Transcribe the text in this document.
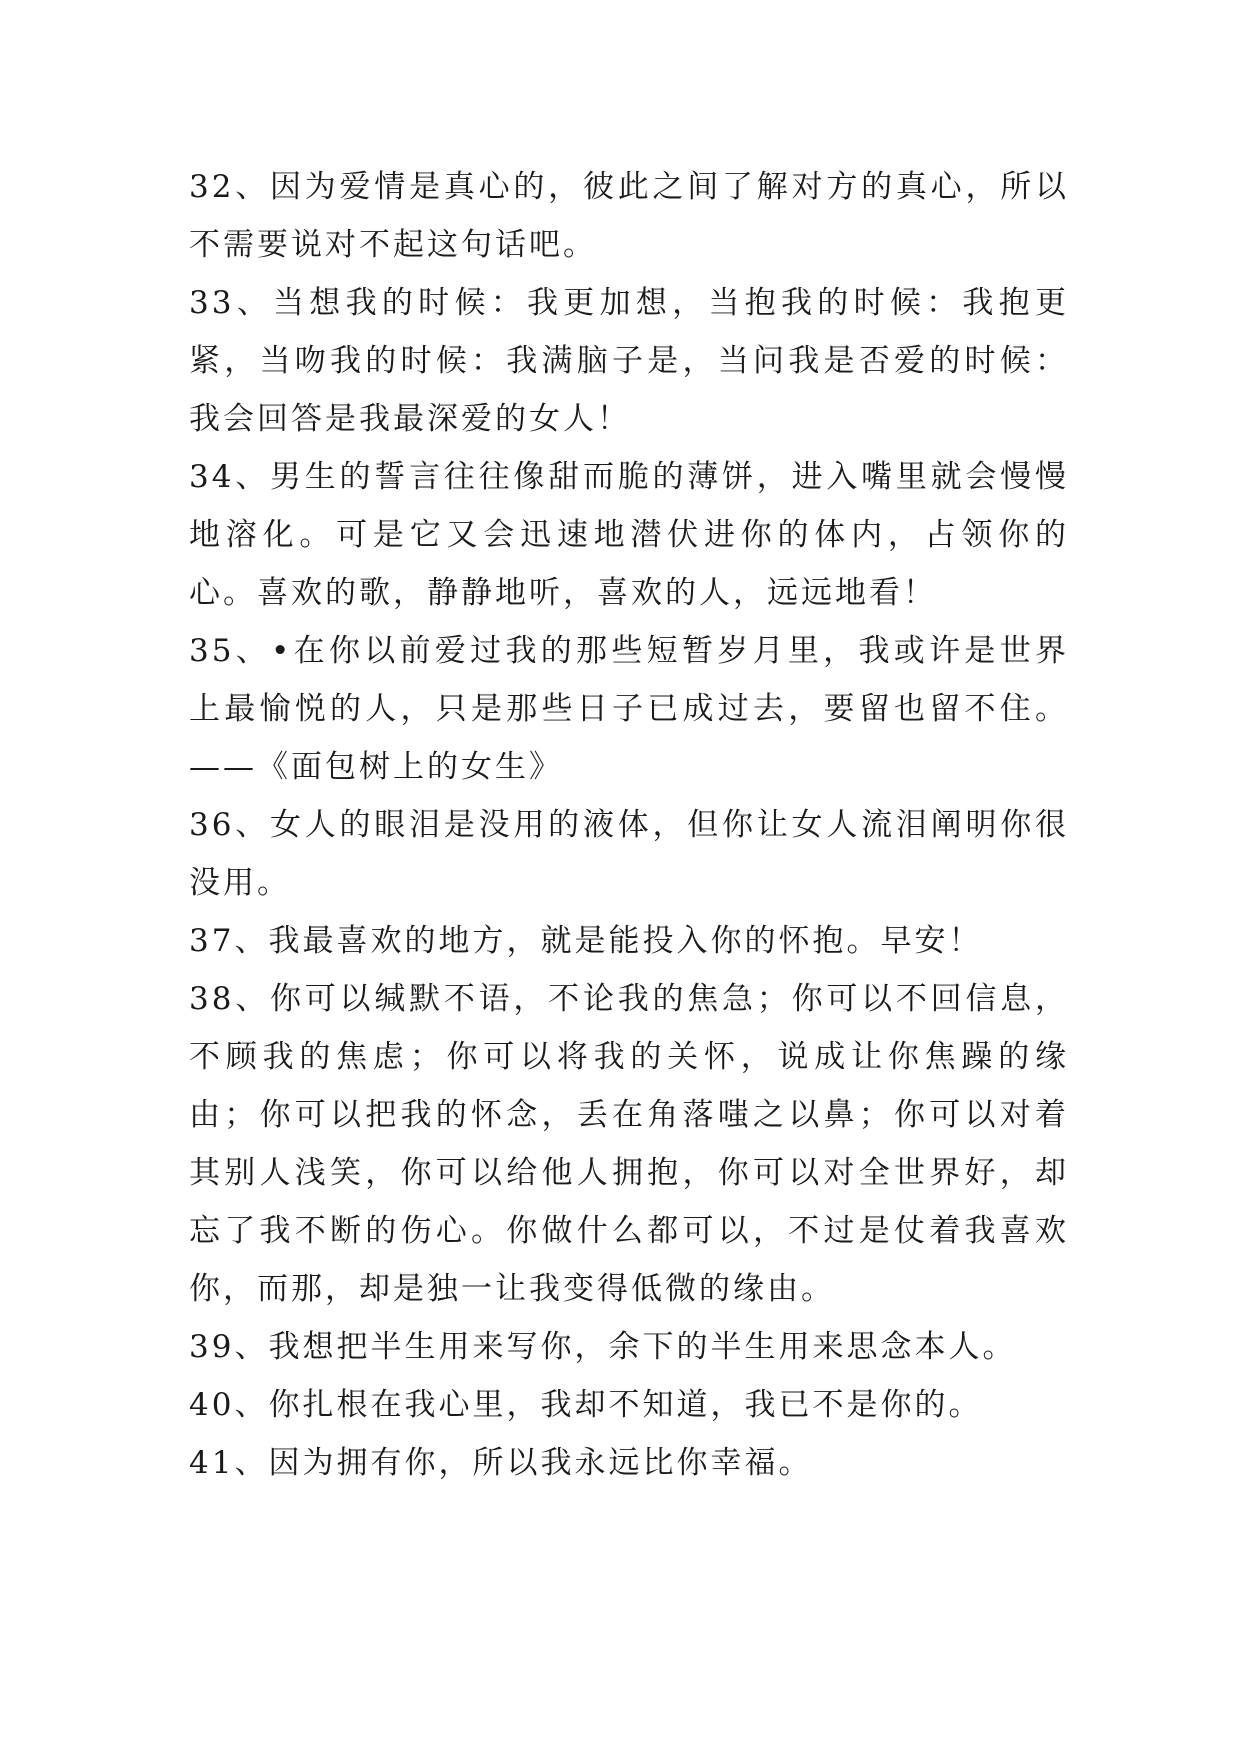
32、因为爱情是真心的，彼此之间了解对方的真心，所以不需要说对不起这句话吧。

33、当想我的时候：我更加想，当抱我的时候：我抱更紧，当吻我的时候：我满脑子是，当问我是否爱的时候：我会回答是我最深爱的女人！

34、男生的誓言往往像甜而脆的薄饼，进入嘴里就会慢慢地溶化。可是它又会迅速地潜伏进你的体内，占领你的心。喜欢的歌，静静地听，喜欢的人，远远地看！

35、•在你以前爱过我的那些短暂岁月里，我或许是世界上最愉悦的人，只是那些日子已成过去，要留也留不住。——《面包树上的女生》

36、女人的眼泪是没用的液体，但你让女人流泪阐明你很没用。

37、我最喜欢的地方，就是能投入你的怀抱。早安！

38、你可以缄默不语，不论我的焦急；你可以不回信息，不顾我的焦虑；你可以将我的关怀，说成让你焦躁的缘由；你可以把我的怀念，丢在角落嗤之以鼻；你可以对着其别人浅笑，你可以给他人拥抱，你可以对全世界好，却忘了我不断的伤心。你做什么都可以，不过是仗着我喜欢你，而那，却是独一让我变得低微的缘由。

39、我想把半生用来写你，余下的半生用来思念本人。

40、你扎根在我心里，我却不知道，我已不是你的。

41、因为拥有你，所以我永远比你幸福。
